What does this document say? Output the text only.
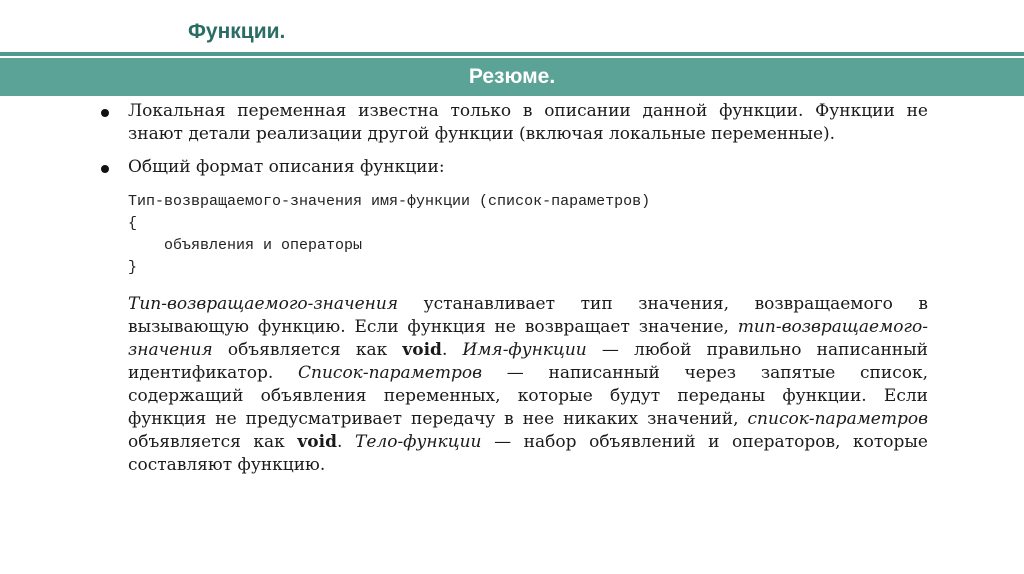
Функции.
Резюме.
Локальная переменная известна только в описании данной функции. Функции не знают детали реализации другой функции (включая локальные переменные).
Общий формат описания функции:
Тип-возвращаемого-значения имя-функции (список-параметров)
{
объявления и операторы
}
Тип-возвращаемого-значения устанавливает тип значения, возвращаемого в вызывающую функцию. Если функция не возвращает значение, тип-возвращаемого-значения объявляется как void. Имя-функции — любой правильно написанный идентификатор. Список-параметров — написанный через запятые список, содержащий объявления переменных, которые будут переданы функции. Если функция не предусматривает передачу в нее никаких значений, список-параметров объявляется как void. Тело-функции — набор объявлений и операторов, которые составляют функцию.
